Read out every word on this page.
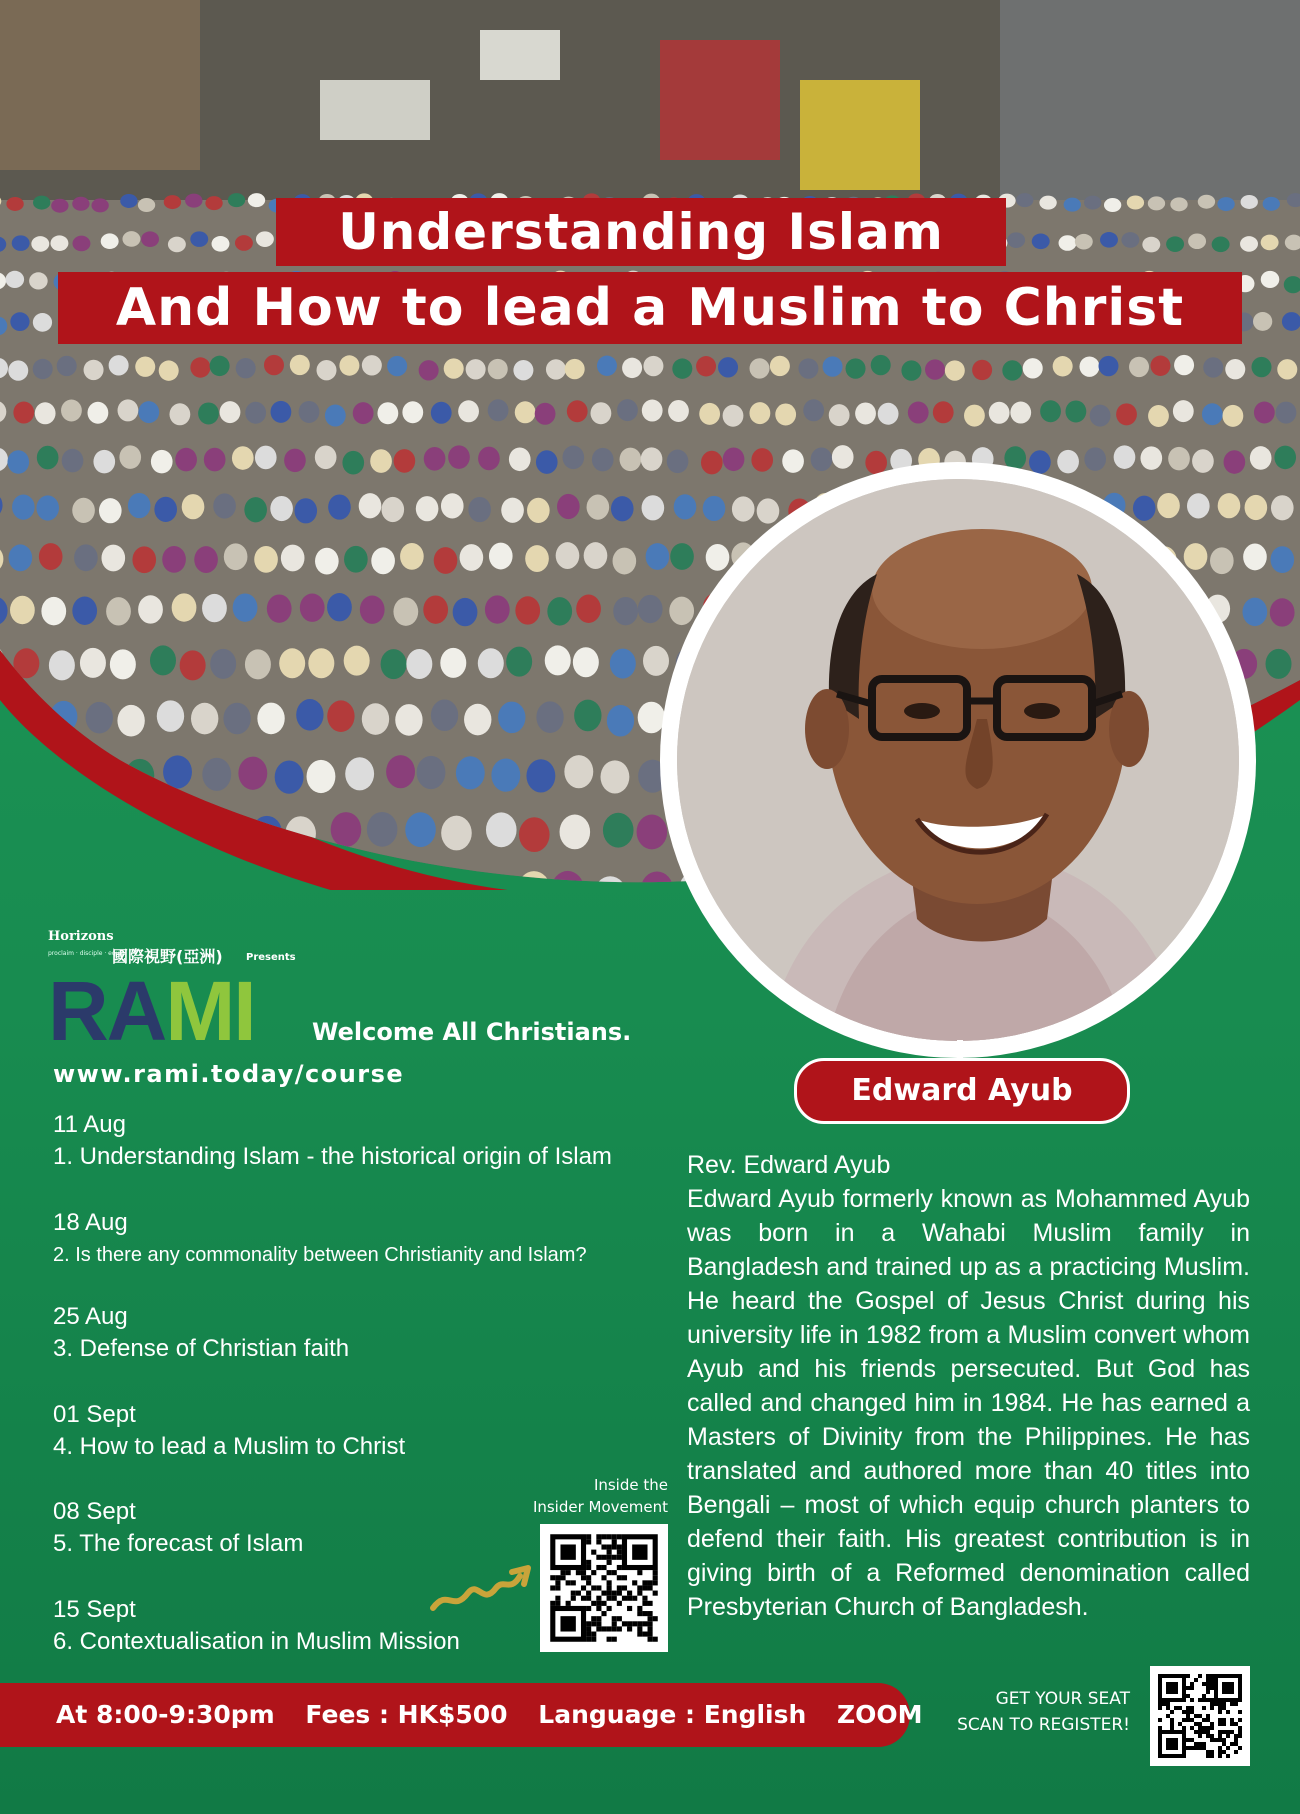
Understanding Islam
And How to lead a Muslim to Christ
Edward Ayub
Horizons
proclaim · disciple · equip
國際視野(亞洲) Presents
RAMI Welcome All Christians.
www.rami.today/course
11 Aug
1. Understanding Islam - the historical origin of Islam
18 Aug
2. Is there any commonality between Christianity and Islam?
25 Aug
3. Defense of Christian faith
01 Sept
4. How to lead a Muslim to Christ
08 Sept
5. The forecast of Islam
15 Sept
6. Contextualisation in Muslim Mission
Rev. Edward Ayub
Edward Ayub formerly known as Mohammed Ayub was born in a Wahabi Muslim family in Bangladesh and trained up as a practicing Muslim. He heard the Gospel of Jesus Christ during his university life in 1982 from a Muslim convert whom Ayub and his friends persecuted. But God has called and changed him in 1984. He has earned a Masters of Divinity from the Philippines. He has translated and authored more than 40 titles into Bengali – most of which equip church planters to defend their faith. His greatest contribution is in giving birth of a Reformed denomination called Presbyterian Church of Bangladesh.
Inside the
Insider Movement
At 8:00-9:30pm Fees : HK$500 Language : English ZOOM
GET YOUR SEAT
SCAN TO REGISTER!
